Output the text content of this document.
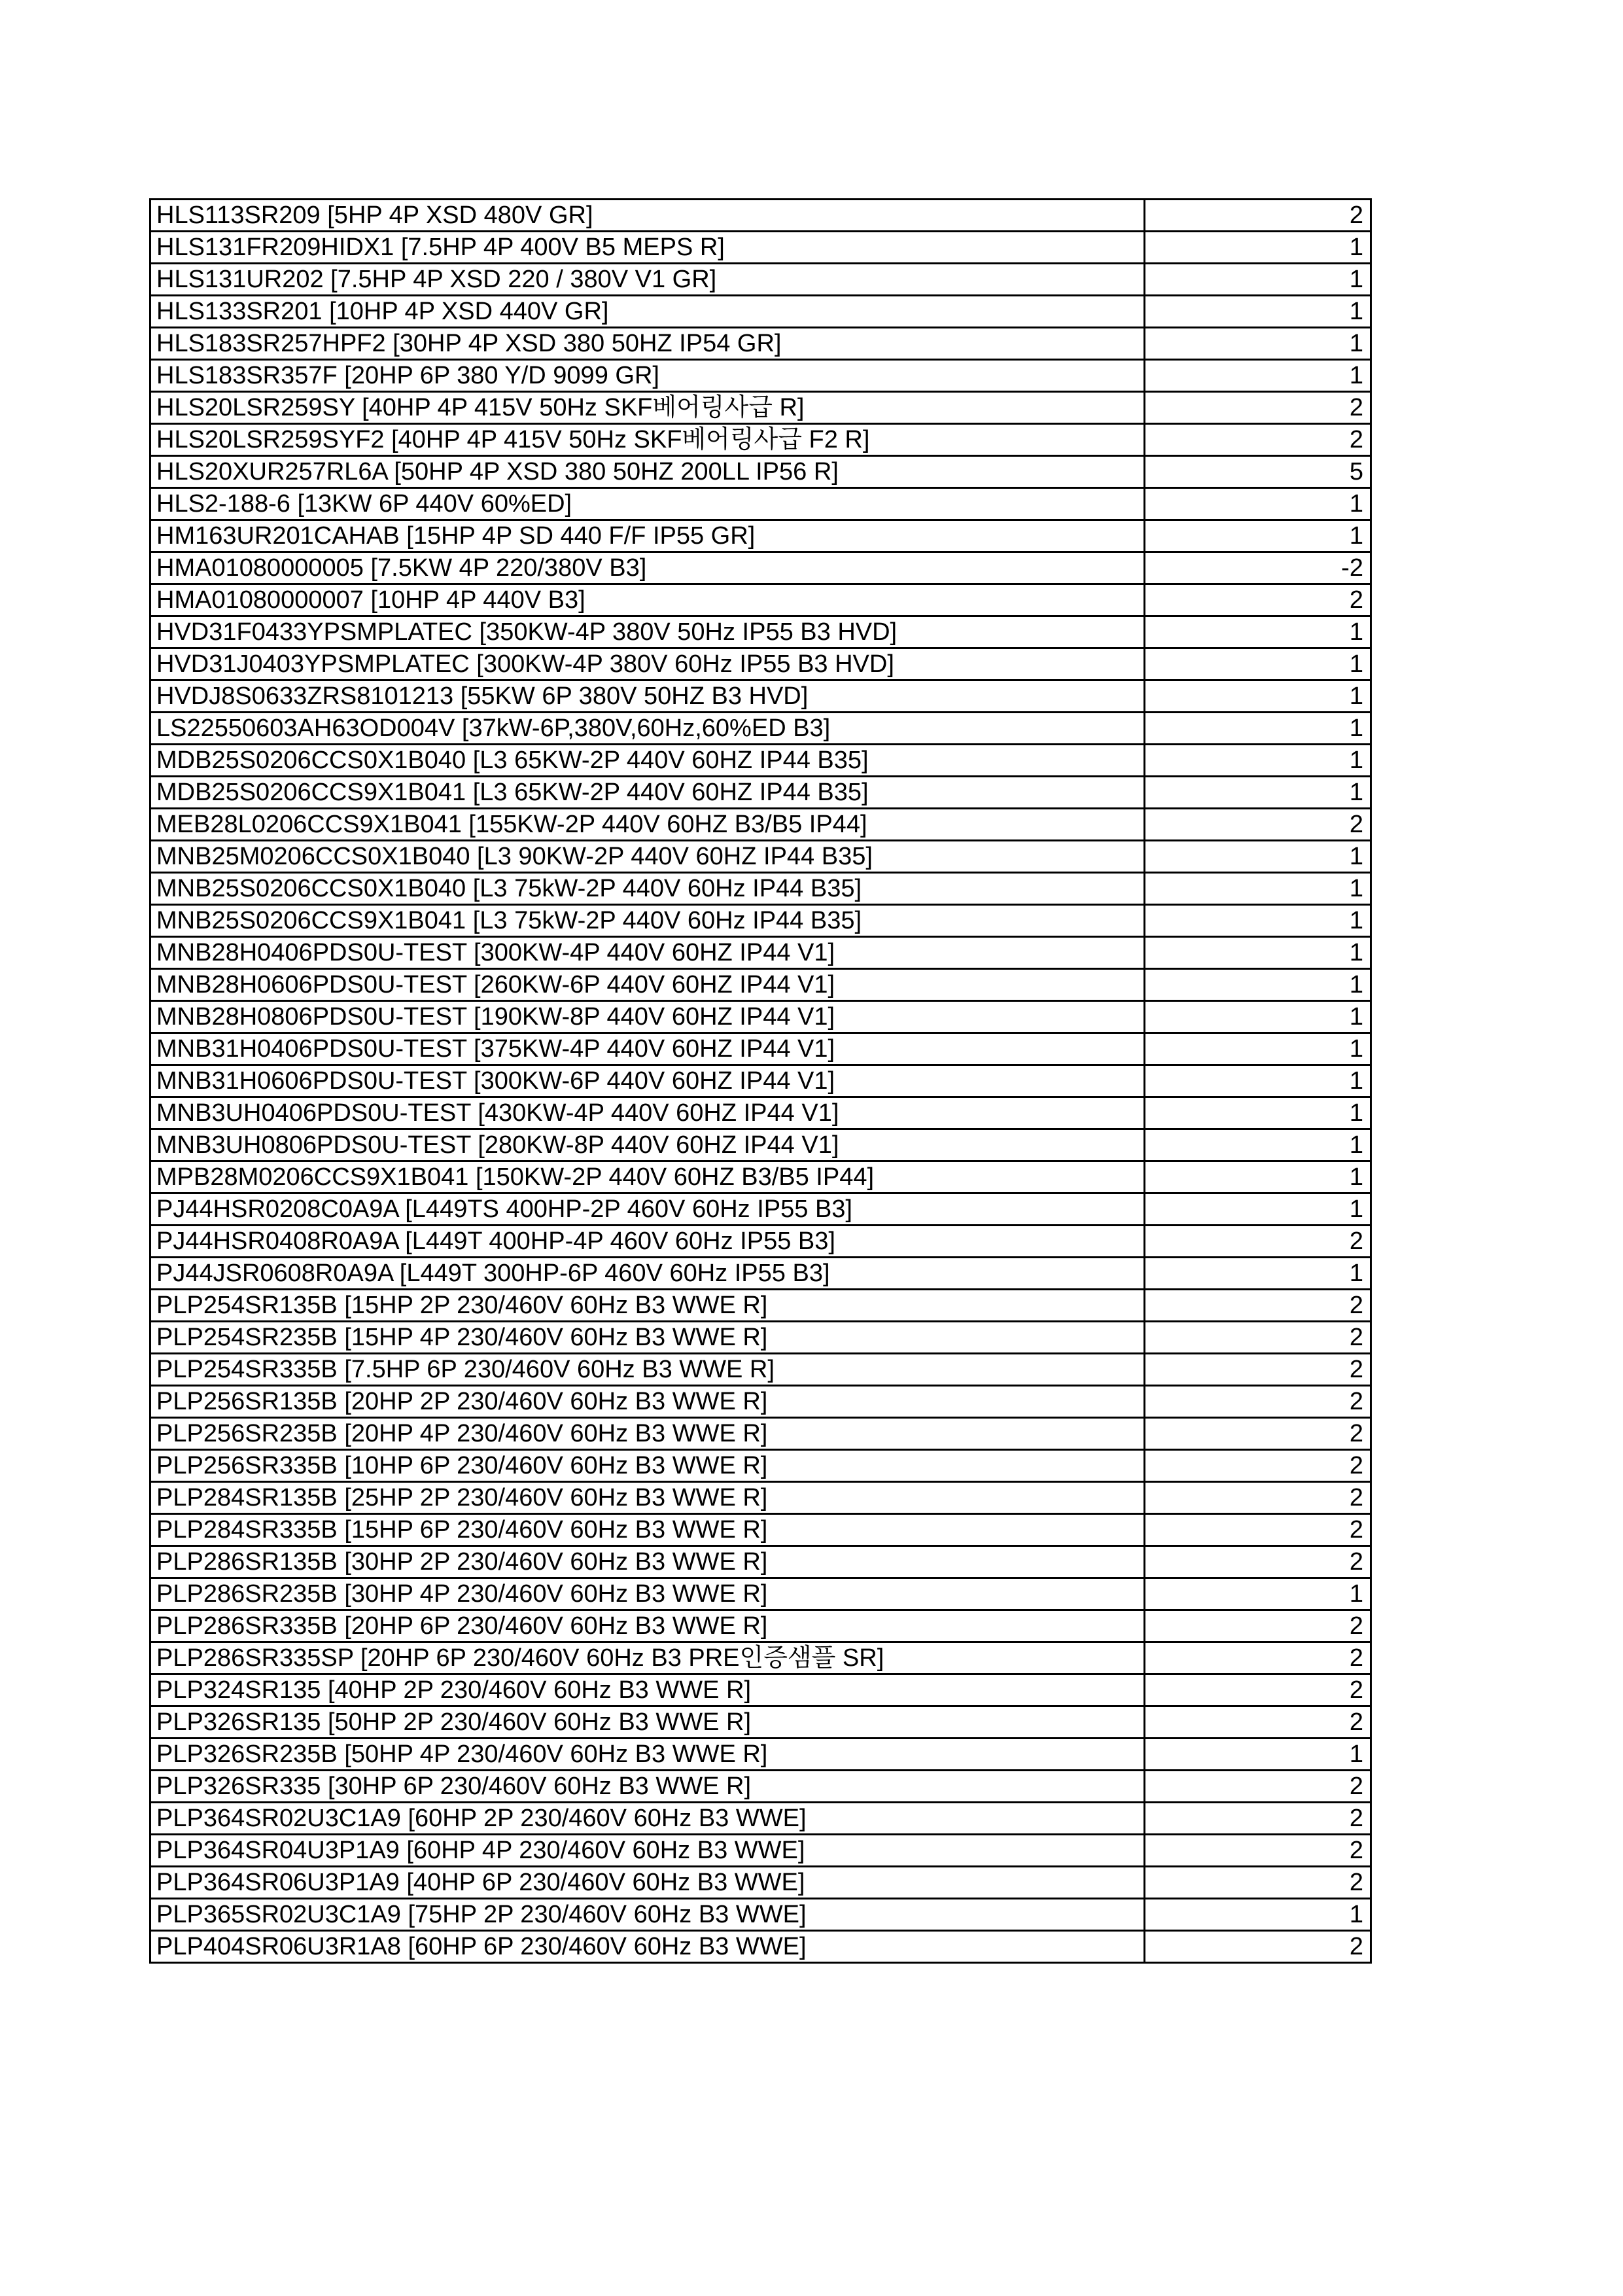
HLS113SR209 [5HP 4P XSD 480V GR]	2
HLS131FR209HIDX1 [7.5HP 4P 400V B5 MEPS R]	1
HLS131UR202 [7.5HP 4P XSD 220 / 380V V1 GR]	1
HLS133SR201 [10HP 4P XSD 440V GR]	1
HLS183SR257HPF2 [30HP 4P XSD 380 50HZ IP54 GR]	1
HLS183SR357F [20HP 6P 380 Y/D 9099 GR]	1
HLS20LSR259SY [40HP 4P 415V 50Hz SKF베어링사급 R]	2
HLS20LSR259SYF2 [40HP 4P 415V 50Hz SKF베어링사급 F2 R]	2
HLS20XUR257RL6A [50HP 4P XSD 380 50HZ 200LL IP56 R]	5
HLS2-188-6 [13KW 6P 440V 60%ED]	1
HM163UR201CAHAB [15HP 4P SD 440 F/F IP55 GR]	1
HMA01080000005 [7.5KW 4P 220/380V B3]	-2
HMA01080000007 [10HP 4P 440V B3]	2
HVD31F0433YPSMPLATEC [350KW-4P 380V 50Hz IP55 B3 HVD]	1
HVD31J0403YPSMPLATEC [300KW-4P 380V 60Hz IP55 B3 HVD]	1
HVDJ8S0633ZRS8101213 [55KW 6P 380V 50HZ B3 HVD]	1
LS22550603AH63OD004V [37kW-6P,380V,60Hz,60%ED B3]	1
MDB25S0206CCS0X1B040 [L3 65KW-2P 440V 60HZ IP44 B35]	1
MDB25S0206CCS9X1B041 [L3 65KW-2P 440V 60HZ IP44 B35]	1
MEB28L0206CCS9X1B041 [155KW-2P 440V 60HZ B3/B5 IP44]	2
MNB25M0206CCS0X1B040 [L3 90KW-2P 440V 60HZ IP44 B35]	1
MNB25S0206CCS0X1B040 [L3 75kW-2P 440V 60Hz IP44 B35]	1
MNB25S0206CCS9X1B041 [L3 75kW-2P 440V 60Hz IP44 B35]	1
MNB28H0406PDS0U-TEST [300KW-4P 440V 60HZ IP44 V1]	1
MNB28H0606PDS0U-TEST [260KW-6P 440V 60HZ IP44 V1]	1
MNB28H0806PDS0U-TEST [190KW-8P 440V 60HZ IP44 V1]	1
MNB31H0406PDS0U-TEST [375KW-4P 440V 60HZ IP44 V1]	1
MNB31H0606PDS0U-TEST [300KW-6P 440V 60HZ IP44 V1]	1
MNB3UH0406PDS0U-TEST [430KW-4P 440V 60HZ IP44 V1]	1
MNB3UH0806PDS0U-TEST [280KW-8P 440V 60HZ IP44 V1]	1
MPB28M0206CCS9X1B041 [150KW-2P 440V 60HZ B3/B5 IP44]	1
PJ44HSR0208C0A9A [L449TS 400HP-2P 460V 60Hz IP55 B3]	1
PJ44HSR0408R0A9A [L449T 400HP-4P 460V 60Hz IP55 B3]	2
PJ44JSR0608R0A9A [L449T 300HP-6P 460V 60Hz IP55 B3]	1
PLP254SR135B [15HP 2P 230/460V 60Hz B3 WWE R]	2
PLP254SR235B [15HP 4P 230/460V 60Hz B3 WWE R]	2
PLP254SR335B [7.5HP 6P 230/460V 60Hz B3 WWE R]	2
PLP256SR135B [20HP 2P 230/460V 60Hz B3 WWE R]	2
PLP256SR235B [20HP 4P 230/460V 60Hz B3 WWE R]	2
PLP256SR335B [10HP 6P 230/460V 60Hz B3 WWE R]	2
PLP284SR135B [25HP 2P 230/460V 60Hz B3 WWE R]	2
PLP284SR335B [15HP 6P 230/460V 60Hz B3 WWE R]	2
PLP286SR135B [30HP 2P 230/460V 60Hz B3 WWE R]	2
PLP286SR235B [30HP 4P 230/460V 60Hz B3 WWE R]	1
PLP286SR335B [20HP 6P 230/460V 60Hz B3 WWE R]	2
PLP286SR335SP [20HP 6P 230/460V 60Hz B3 PRE인증샘플 SR]	2
PLP324SR135 [40HP 2P 230/460V 60Hz B3 WWE R]	2
PLP326SR135 [50HP 2P 230/460V 60Hz B3 WWE R]	2
PLP326SR235B [50HP 4P 230/460V 60Hz B3 WWE R]	1
PLP326SR335 [30HP 6P 230/460V 60Hz B3 WWE R]	2
PLP364SR02U3C1A9 [60HP 2P 230/460V 60Hz B3 WWE]	2
PLP364SR04U3P1A9 [60HP 4P 230/460V 60Hz B3 WWE]	2
PLP364SR06U3P1A9 [40HP 6P 230/460V 60Hz B3 WWE]	2
PLP365SR02U3C1A9 [75HP 2P 230/460V 60Hz B3 WWE]	1
PLP404SR06U3R1A8 [60HP 6P 230/460V 60Hz B3 WWE]	2
